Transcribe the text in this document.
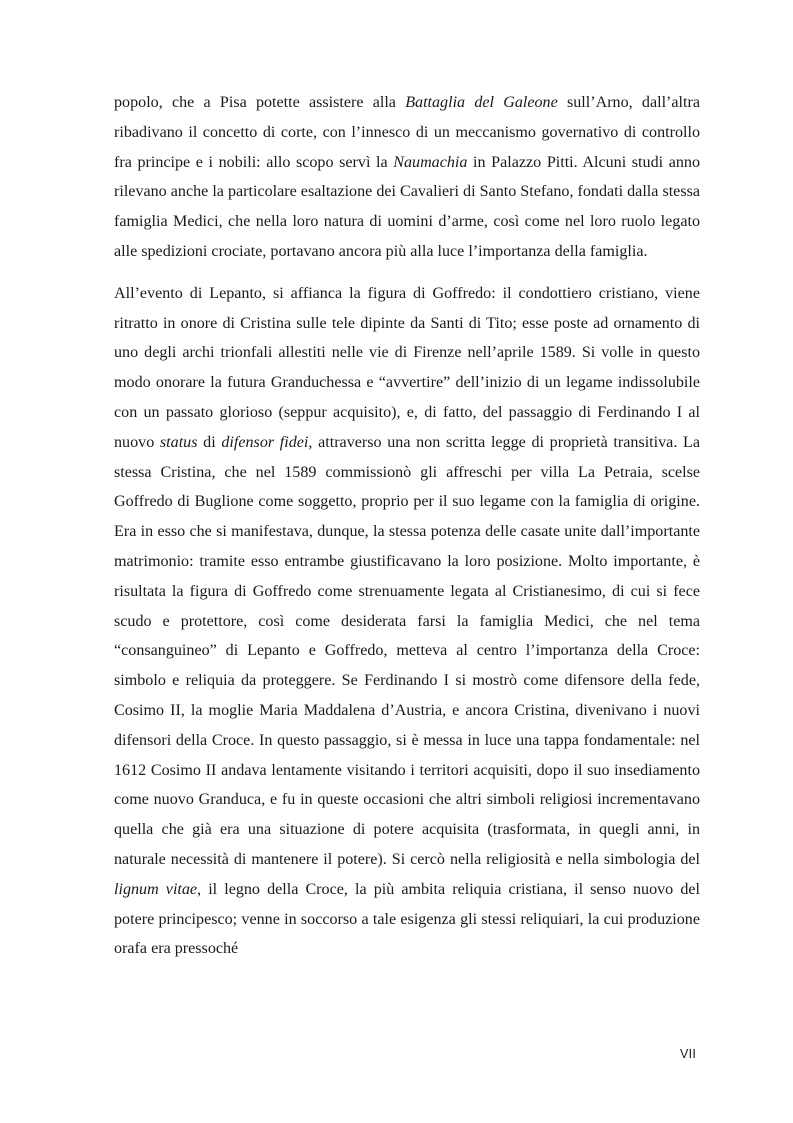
popolo, che a Pisa potette assistere alla Battaglia del Galeone sull’Arno, dall’altra ribadivano il concetto di corte, con l’innesco di un meccanismo governativo di controllo fra principe e i nobili: allo scopo servì la Naumachia in Palazzo Pitti. Alcuni studi anno rilevano anche la particolare esaltazione dei Cavalieri di Santo Stefano, fondati dalla stessa famiglia Medici, che nella loro natura di uomini d’arme, così come nel loro ruolo legato alle spedizioni crociate, portavano ancora più alla luce l’importanza della famiglia.

All’evento di Lepanto, si affianca la figura di Goffredo: il condottiero cristiano, viene ritratto in onore di Cristina sulle tele dipinte da Santi di Tito; esse poste ad ornamento di uno degli archi trionfali allestiti nelle vie di Firenze nell’aprile 1589. Si volle in questo modo onorare la futura Granduchessa e “avvertire” dell’inizio di un legame indissolubile con un passato glorioso (seppur acquisito), e, di fatto, del passaggio di Ferdinando I al nuovo status di difensor fidei, attraverso una non scritta legge di proprietà transitiva. La stessa Cristina, che nel 1589 commissionò gli affreschi per villa La Petraia, scelse Goffredo di Buglione come soggetto, proprio per il suo legame con la famiglia di origine. Era in esso che si manifestava, dunque, la stessa potenza delle casate unite dall’importante matrimonio: tramite esso entrambe giustificavano la loro posizione. Molto importante, è risultata la figura di Goffredo come strenuamente legata al Cristianesimo, di cui si fece scudo e protettore, così come desiderata farsi la famiglia Medici, che nel tema “consanguineo” di Lepanto e Goffredo, metteva al centro l’importanza della Croce: simbolo e reliquia da proteggere. Se Ferdinando I si mostrò come difensore della fede, Cosimo II, la moglie Maria Maddalena d’Austria, e ancora Cristina, divenivano i nuovi difensori della Croce. In questo passaggio, si è messa in luce una tappa fondamentale: nel 1612 Cosimo II andava lentamente visitando i territori acquisiti, dopo il suo insediamento come nuovo Granduca, e fu in queste occasioni che altri simboli religiosi incrementavano quella che già era una situazione di potere acquisita (trasformata, in quegli anni, in naturale necessità di mantenere il potere). Si cercò nella religiosità e nella simbologia del lignum vitae, il legno della Croce, la più ambita reliquia cristiana, il senso nuovo del potere principesco; venne in soccorso a tale esigenza gli stessi reliquiari, la cui produzione orafa era pressoché

VII
